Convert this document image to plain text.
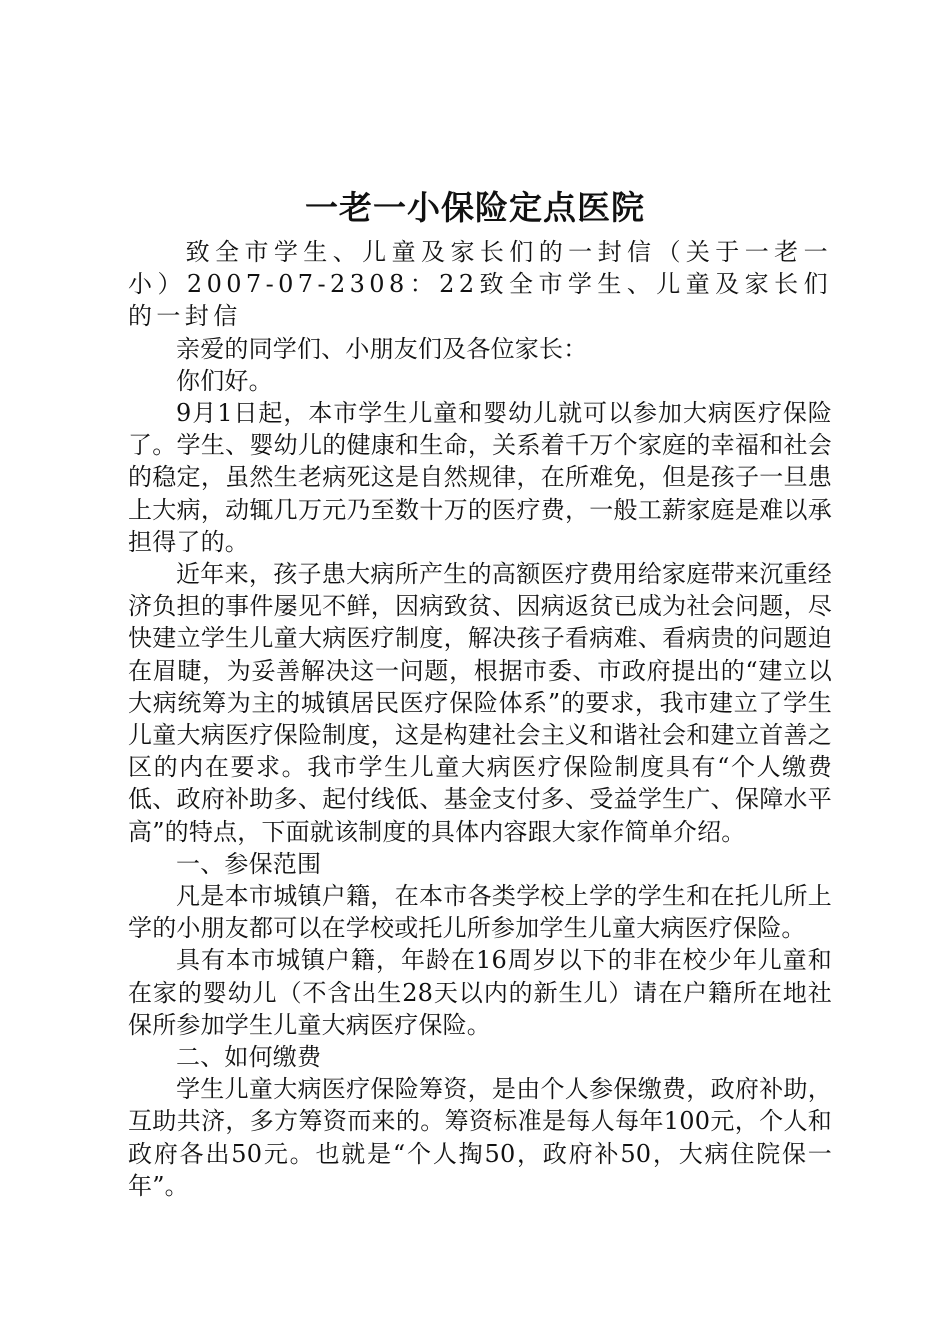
一老一小保险定点医院

致全市学生、儿童及家长们的一封信（关于一老一小）2007-07-2308：22致全市学生、儿童及家长们的一封信

亲爱的同学们、小朋友们及各位家长：

你们好。

9月1日起，本市学生儿童和婴幼儿就可以参加大病医疗保险了。学生、婴幼儿的健康和生命，关系着千万个家庭的幸福和社会的稳定，虽然生老病死这是自然规律，在所难免，但是孩子一旦患上大病，动辄几万元乃至数十万的医疗费，一般工薪家庭是难以承担得了的。

近年来，孩子患大病所产生的高额医疗费用给家庭带来沉重经济负担的事件屡见不鲜，因病致贫、因病返贫已成为社会问题，尽快建立学生儿童大病医疗制度，解决孩子看病难、看病贵的问题迫在眉睫，为妥善解决这一问题，根据市委、市政府提出的“建立以大病统筹为主的城镇居民医疗保险体系”的要求，我市建立了学生儿童大病医疗保险制度，这是构建社会主义和谐社会和建立首善之区的内在要求。我市学生儿童大病医疗保险制度具有“个人缴费低、政府补助多、起付线低、基金支付多、受益学生广、保障水平高”的特点，下面就该制度的具体内容跟大家作简单介绍。

一、参保范围

凡是本市城镇户籍，在本市各类学校上学的学生和在托儿所上学的小朋友都可以在学校或托儿所参加学生儿童大病医疗保险。

具有本市城镇户籍，年龄在16周岁以下的非在校少年儿童和在家的婴幼儿（不含出生28天以内的新生儿）请在户籍所在地社保所参加学生儿童大病医疗保险。

二、如何缴费

学生儿童大病医疗保险筹资，是由个人参保缴费，政府补助，互助共济，多方筹资而来的。筹资标准是每人每年100元，个人和政府各出50元。也就是“个人掏50，政府补50，大病住院保一年”。
